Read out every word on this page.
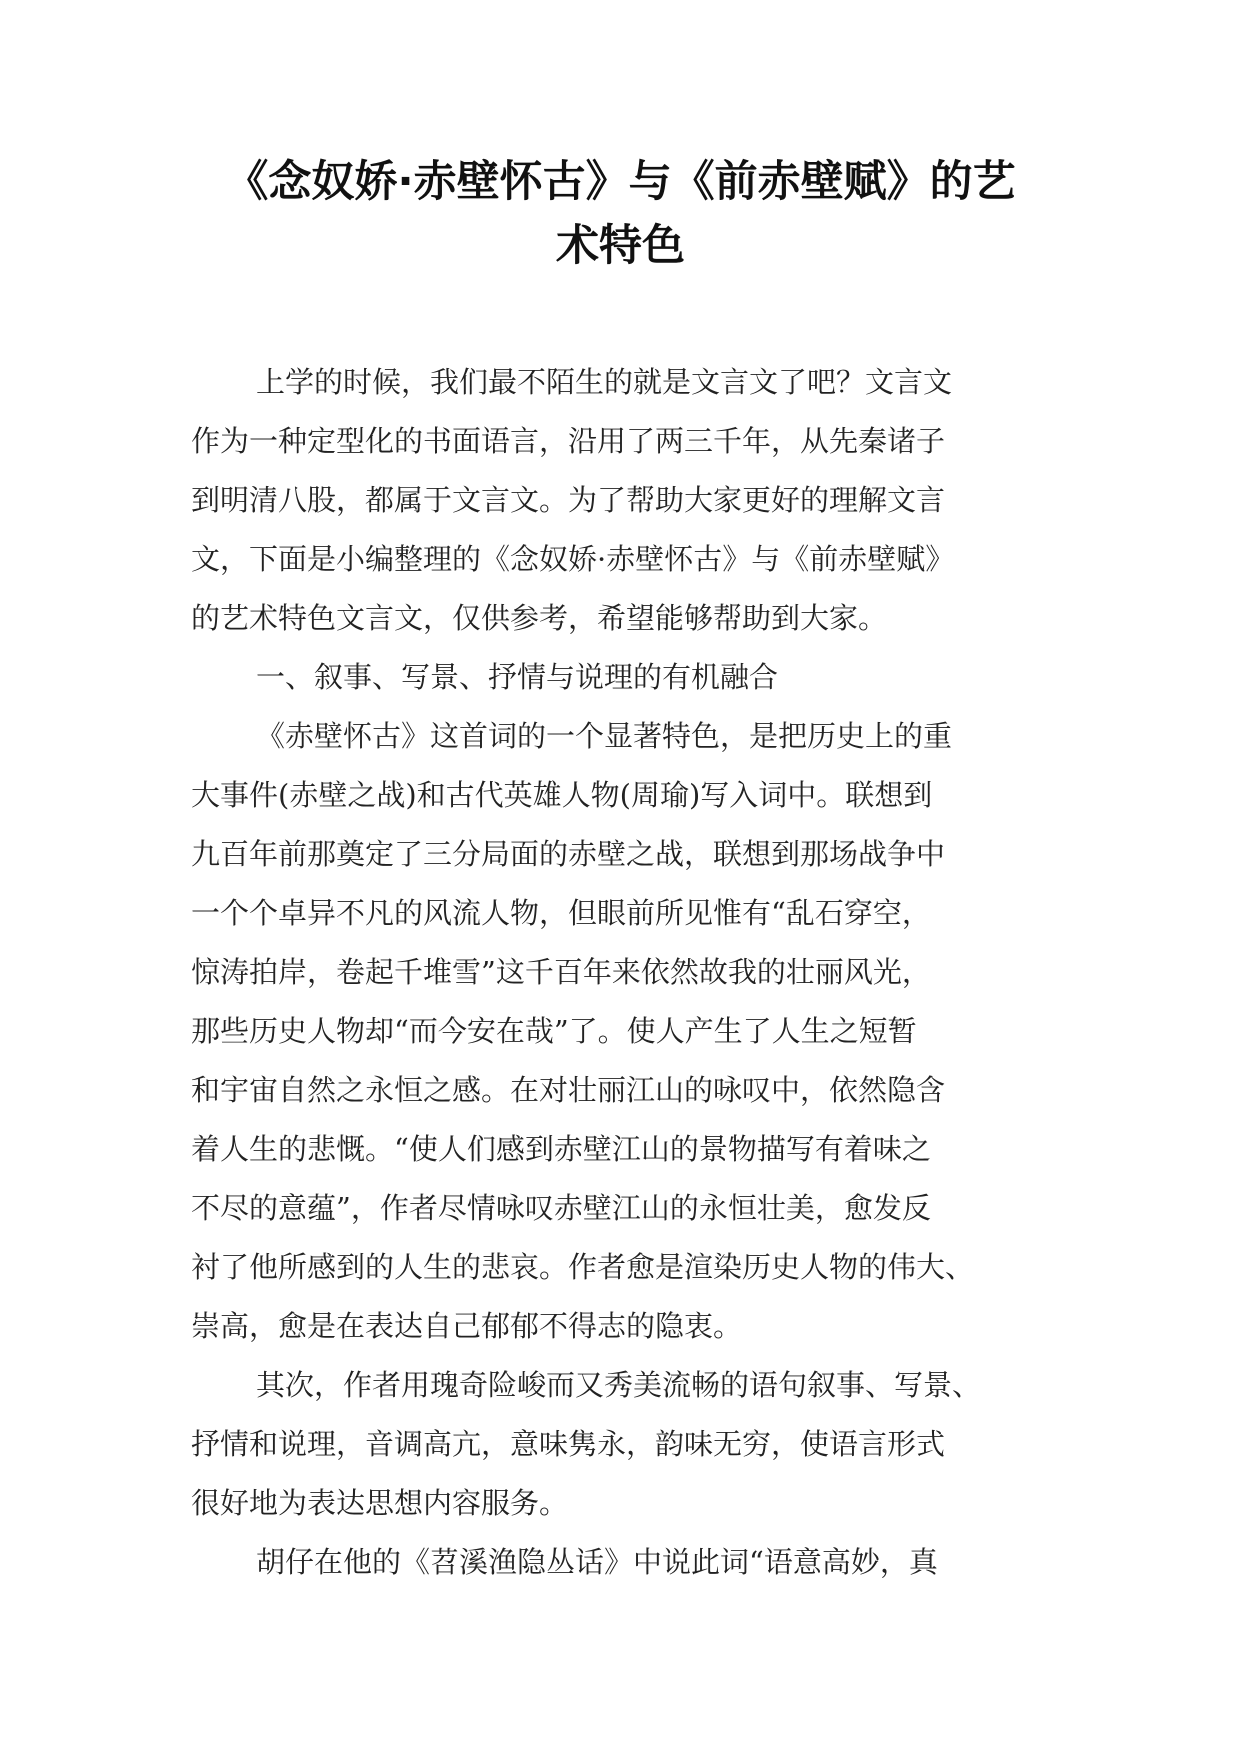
《念奴娇·赤壁怀古》与《前赤壁赋》的艺
术特色
上学的时候，我们最不陌生的就是文言文了吧？文言文
作为一种定型化的书面语言，沿用了两三千年，从先秦诸子
到明清八股，都属于文言文。为了帮助大家更好的理解文言
文，下面是小编整理的《念奴娇·赤壁怀古》与《前赤壁赋》
的艺术特色文言文，仅供参考，希望能够帮助到大家。
一、叙事、写景、抒情与说理的有机融合
《赤壁怀古》这首词的一个显著特色，是把历史上的重
大事件(赤壁之战)和古代英雄人物(周瑜)写入词中。联想到
九百年前那奠定了三分局面的赤壁之战，联想到那场战争中
一个个卓异不凡的风流人物，但眼前所见惟有“乱石穿空，
惊涛拍岸，卷起千堆雪”这千百年来依然故我的壮丽风光，
那些历史人物却“而今安在哉”了。使人产生了人生之短暂
和宇宙自然之永恒之感。在对壮丽江山的咏叹中，依然隐含
着人生的悲慨。“使人们感到赤壁江山的景物描写有着味之
不尽的意蕴”，作者尽情咏叹赤壁江山的永恒壮美，愈发反
衬了他所感到的人生的悲哀。作者愈是渲染历史人物的伟大、
崇高，愈是在表达自己郁郁不得志的隐衷。
其次，作者用瑰奇险峻而又秀美流畅的语句叙事、写景、
抒情和说理，音调高亢，意味隽永，韵味无穷，使语言形式
很好地为表达思想内容服务。
胡仔在他的《苕溪渔隐丛话》中说此词“语意高妙，真
